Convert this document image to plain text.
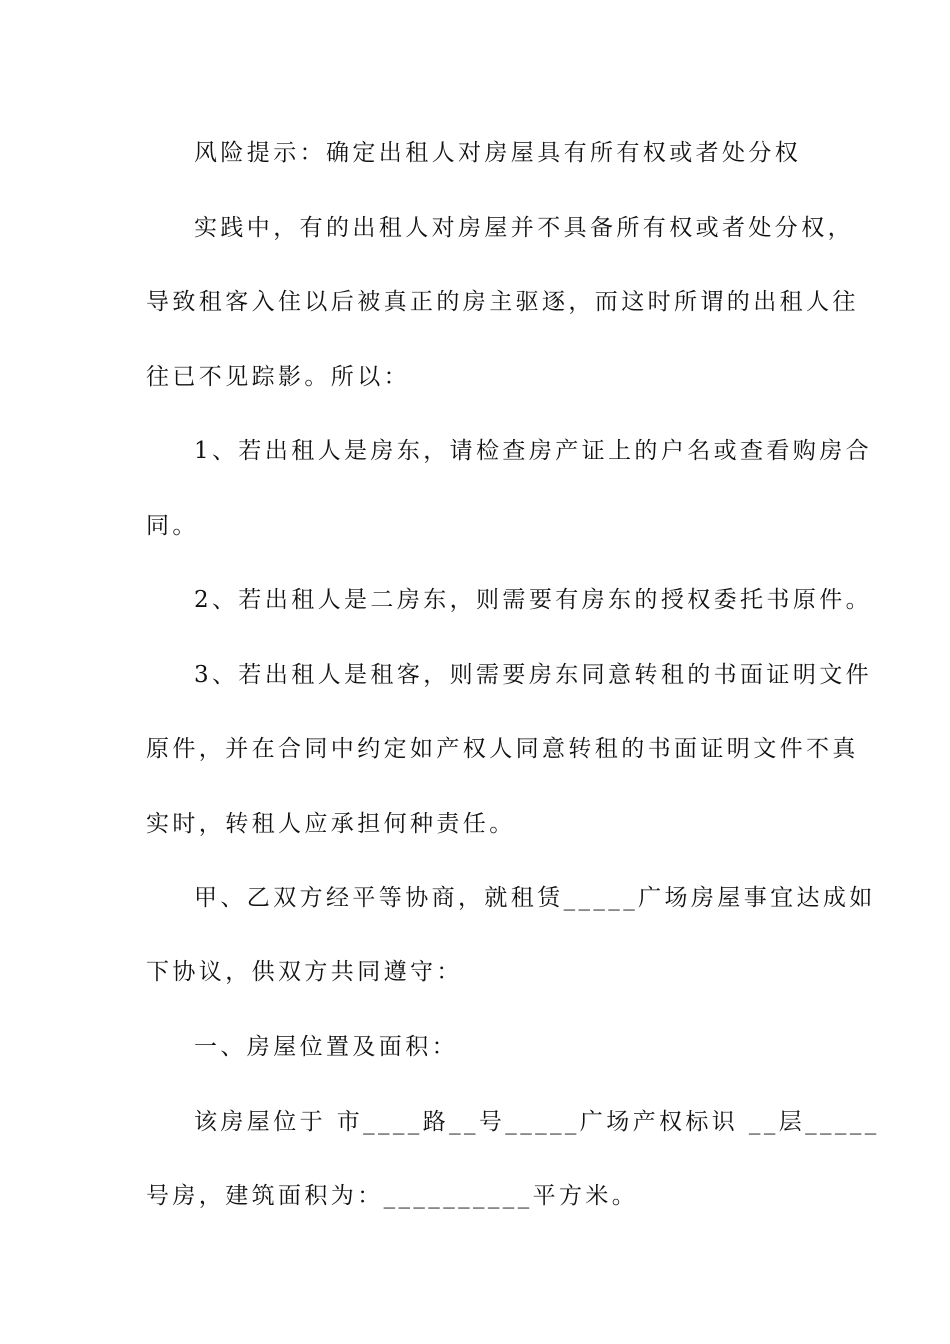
风险提示：确定出租人对房屋具有所有权或者处分权
实践中，有的出租人对房屋并不具备所有权或者处分权，
导致租客入住以后被真正的房主驱逐，而这时所谓的出租人往
往已不见踪影。所以：
1、若出租人是房东，请检查房产证上的户名或查看购房合
同。
2、若出租人是二房东，则需要有房东的授权委托书原件。
3、若出租人是租客，则需要房东同意转租的书面证明文件
原件，并在合同中约定如产权人同意转租的书面证明文件不真
实时，转租人应承担何种责任。
甲、乙双方经平等协商，就租赁_____广场房屋事宜达成如
下协议，供双方共同遵守：
一、房屋位置及面积：
该房屋位于 市____路__号_____广场产权标识 __层_____
号房，建筑面积为：__________平方米。
